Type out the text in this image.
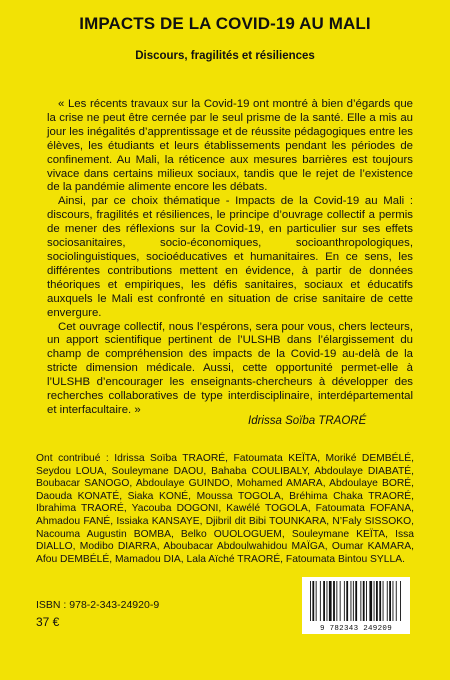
IMPACTS DE LA COVID-19 AU MALI
Discours, fragilités et résiliences

« Les récents travaux sur la Covid-19 ont montré à bien d’égards que la crise ne peut être cernée par le seul prisme de la santé. Elle a mis au jour les inégalités d’apprentissage et de réussite pédagogiques entre les élèves, les étudiants et leurs établissements pendant les périodes de confinement. Au Mali, la réticence aux mesures barrières est toujours vivace dans certains milieux sociaux, tandis que le rejet de l’existence de la pandémie alimente encore les débats.

Ainsi, par ce choix thématique - Impacts de la Covid-19 au Mali : discours, fragilités et résiliences, le principe d’ouvrage collectif a permis de mener des réflexions sur la Covid-19, en particulier sur ses effets sociosanitaires, socio-économiques, socioanthropologiques, sociolinguistiques, socioéducatives et humanitaires. En ce sens, les différentes contributions mettent en évidence, à partir de données théoriques et empiriques, les défis sanitaires, sociaux et éducatifs auxquels le Mali est confronté en situation de crise sanitaire de cette envergure.

Cet ouvrage collectif, nous l’espérons, sera pour vous, chers lecteurs, un apport scientifique pertinent de l’ULSHB dans l’élargissement du champ de compréhension des impacts de la Covid-19 au-delà de la stricte dimension médicale. Aussi, cette opportunité permet-elle à l’ULSHB d’encourager les enseignants-chercheurs à développer des recherches collaboratives de type interdisciplinaire, interdépartemental et interfacultaire. »

Idrissa Soïba TRAORÉ
Ont contribué : Idrissa Soïba TRAORÉ, Fatoumata KEÏTA, Moriké DEMBÉLÉ, Seydou LOUA, Souleymane DAOU, Bahaba COULIBALY, Abdoulaye DIABATÉ, Boubacar SANOGO, Abdoulaye GUINDO, Mohamed AMARA, Abdoulaye BORÉ, Daouda KONATÉ, Siaka KONÉ, Moussa TOGOLA, Bréhima Chaka TRAORÉ, Ibrahima TRAORÉ, Yacouba DOGONI, Kawélé TOGOLA, Fatoumata FOFANA, Ahmadou FANÉ, Issiaka KANSAYE, Djibril dit Bibi TOUNKARA, N’Faly SISSOKO, Nacouma Augustin BOMBA, Belko OUOLOGUEM, Souleymane KEÏTA, Issa DIALLO, Modibo DIARRA, Aboubacar Abdoulwahidou MAÏGA, Oumar KAMARA, Afou DEMBÉLÉ, Mamadou DIA, Lala Aïché TRAORÉ, Fatoumata Bintou SYLLA.
ISBN : 978-2-343-24920-9
37 €	9 782343 249209
